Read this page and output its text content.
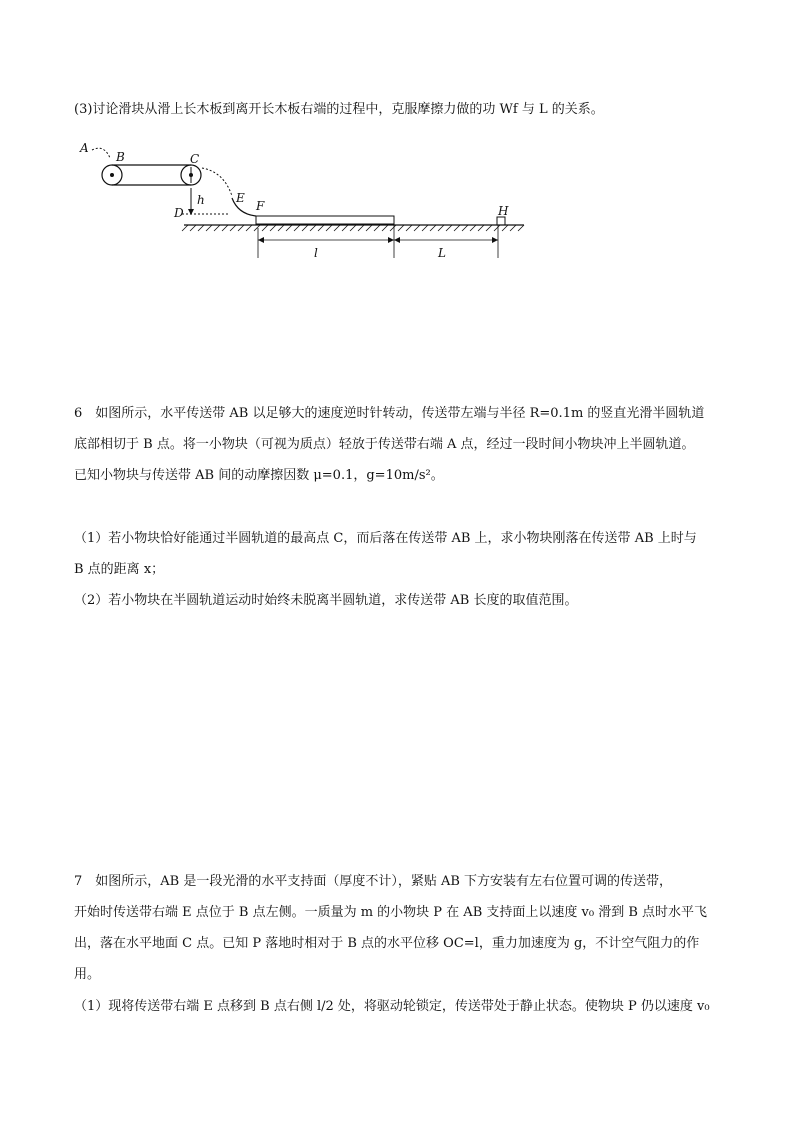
(3)讨论滑块从滑上长木板到离开长木板右端的过程中，克服摩擦力做的功 Wf 与 L 的关系。
A
B	C
D
E
F	H
h
l	L
6　如图所示，水平传送带 AB 以足够大的速度逆时针转动，传送带左端与半径 R=0.1m 的竖直光滑半圆轨道
底部相切于 B 点。将一小物块（可视为质点）轻放于传送带右端 A 点，经过一段时间小物块冲上半圆轨道。
已知小物块与传送带 AB 间的动摩擦因数 μ=0.1，g=10m/s²。
（1）若小物块恰好能通过半圆轨道的最高点 C，而后落在传送带 AB 上，求小物块刚落在传送带 AB 上时与
B 点的距离 x；
（2）若小物块在半圆轨道运动时始终未脱离半圆轨道，求传送带 AB 长度的取值范围。
7　如图所示，AB 是一段光滑的水平支持面（厚度不计），紧贴 AB 下方安装有左右位置可调的传送带，
开始时传送带右端 E 点位于 B 点左侧。一质量为 m 的小物块 P 在 AB 支持面上以速度 v₀ 滑到 B 点时水平飞
出，落在水平地面 C 点。已知 P 落地时相对于 B 点的水平位移 OC=l，重力加速度为 g，不计空气阻力的作
用。
（1）现将传送带右端 E 点移到 B 点右侧 l/2 处，将驱动轮锁定，传送带处于静止状态。使物块 P 仍以速度 v₀
